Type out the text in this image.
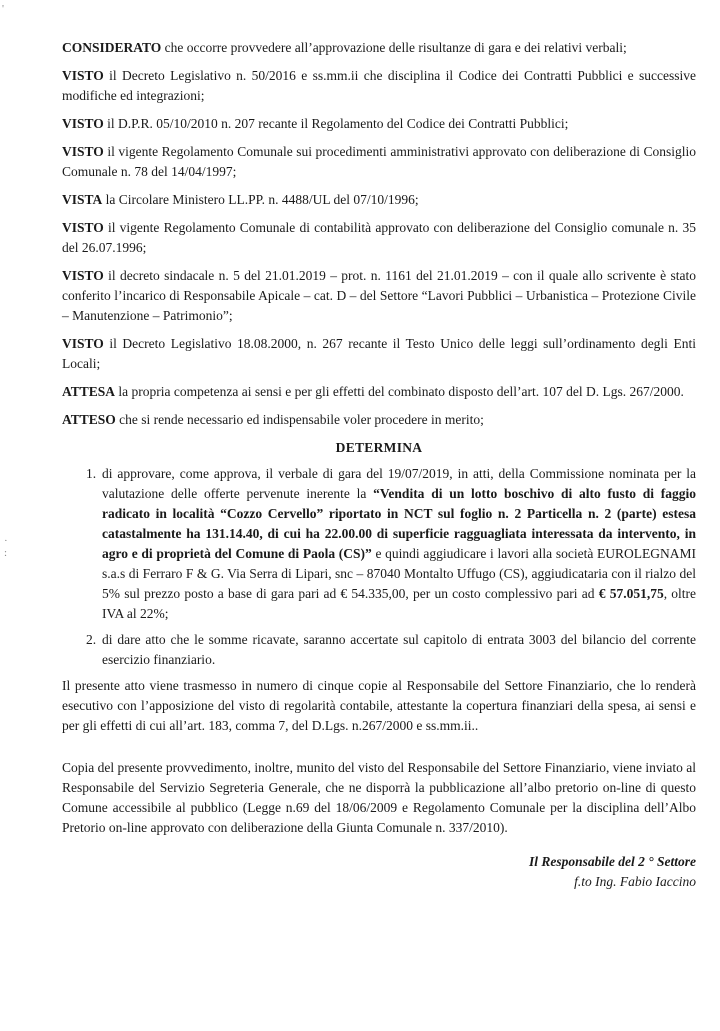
'
·
:

CONSIDERATO che occorre provvedere all’approvazione delle risultanze di gara e dei relativi verbali;

VISTO il Decreto Legislativo n. 50/2016 e ss.mm.ii che disciplina il Codice dei Contratti Pubblici e successive modifiche ed integrazioni;

VISTO il D.P.R. 05/10/2010 n. 207 recante il Regolamento del Codice dei Contratti Pubblici;

VISTO il vigente Regolamento Comunale sui procedimenti amministrativi approvato con deliberazione di Consiglio Comunale n. 78 del 14/04/1997;

VISTA la Circolare Ministero LL.PP. n. 4488/UL del 07/10/1996;

VISTO il vigente Regolamento Comunale di contabilità approvato con deliberazione del Consiglio comunale n. 35 del 26.07.1996;

VISTO il decreto sindacale n. 5 del 21.01.2019 – prot. n. 1161 del 21.01.2019 – con il quale allo scrivente è stato conferito l’incarico di Responsabile Apicale – cat. D – del Settore “Lavori Pubblici – Urbanistica – Protezione Civile – Manutenzione – Patrimonio”;

VISTO il Decreto Legislativo 18.08.2000, n. 267 recante il Testo Unico delle leggi sull’ordinamento degli Enti Locali;

ATTESA la propria competenza ai sensi e per gli effetti del combinato disposto dell’art. 107 del D. Lgs. 267/2000.

ATTESO che si rende necessario ed indispensabile voler procedere in merito;

DETERMINA
1. di approvare, come approva, il verbale di gara del 19/07/2019, in atti, della Commissione nominata per la valutazione delle offerte pervenute inerente la “Vendita di un lotto boschivo di alto fusto di faggio radicato in località “Cozzo Cervello” riportato in NCT sul foglio n. 2 Particella n. 2 (parte) estesa catastalmente ha 131.14.40, di cui ha 22.00.00 di superficie ragguagliata interessata da intervento, in agro e di proprietà del Comune di Paola (CS)” e quindi aggiudicare i lavori alla società EUROLEGNAMI s.a.s di Ferraro F & G. Via Serra di Lipari, snc – 87040 Montalto Uffugo (CS), aggiudicataria con il rialzo del 5% sul prezzo posto a base di gara pari ad € 54.335,00, per un costo complessivo pari ad € 57.051,75, oltre IVA al 22%;
2. di dare atto che le somme ricavate, saranno accertate sul capitolo di entrata 3003 del bilancio del corrente esercizio finanziario.

Il presente atto viene trasmesso in numero di cinque copie al Responsabile del Settore Finanziario, che lo renderà esecutivo con l’apposizione del visto di regolarità contabile, attestante la copertura finanziari della spesa, ai sensi e per gli effetti di cui all’art. 183, comma 7, del D.Lgs. n.267/2000 e ss.mm.ii..

Copia del presente provvedimento, inoltre, munito del visto del Responsabile del Settore Finanziario, viene inviato al Responsabile del Servizio Segreteria Generale, che ne disporrà la pubblicazione all’albo pretorio on-line di questo Comune accessibile al pubblico (Legge n.69 del 18/06/2009 e Regolamento Comunale per la disciplina dell’Albo Pretorio on-line approvato con deliberazione della Giunta Comunale n. 337/2010).

Il Responsabile del 2 ° Settore
f.to Ing. Fabio Iaccino
